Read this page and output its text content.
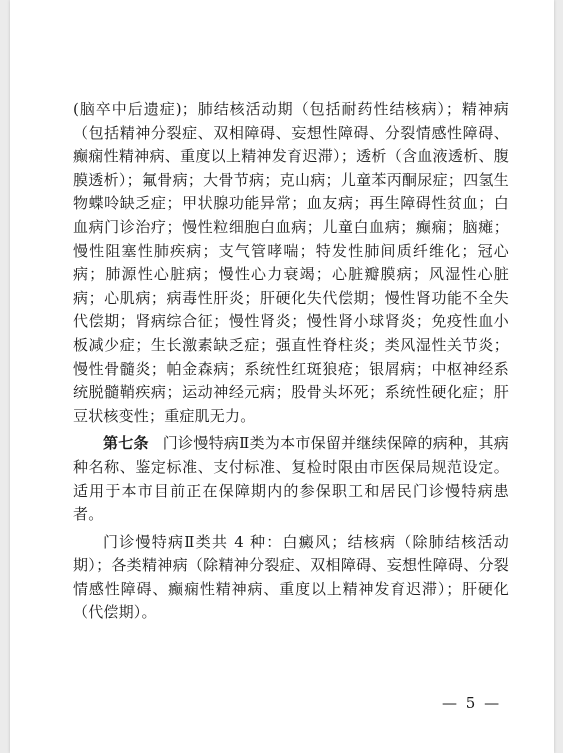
(脑卒中后遗症)；肺结核活动期（包括耐药性结核病）；精神病（包括精神分裂症、双相障碍、妄想性障碍、分裂情感性障碍、癫痫性精神病、重度以上精神发育迟滞）；透析（含血液透析、腹膜透析）；氟骨病；大骨节病；克山病；儿童苯丙酮尿症；四氢生物蝶呤缺乏症；甲状腺功能异常；血友病；再生障碍性贫血；白血病门诊治疗；慢性粒细胞白血病；儿童白血病；癫痫；脑瘫；慢性阻塞性肺疾病；支气管哮喘；特发性肺间质纤维化；冠心病；肺源性心脏病；慢性心力衰竭；心脏瓣膜病；风湿性心脏病；心肌病；病毒性肝炎；肝硬化失代偿期；慢性肾功能不全失代偿期；肾病综合征；慢性肾炎；慢性肾小球肾炎；免疫性血小板减少症；生长激素缺乏症；强直性脊柱炎；类风湿性关节炎；慢性骨髓炎；帕金森病；系统性红斑狼疮；银屑病；中枢神经系统脱髓鞘疾病；运动神经元病；股骨头坏死；系统性硬化症；肝豆状核变性；重症肌无力。

第七条 门诊慢特病Ⅱ类为本市保留并继续保障的病种，其病种名称、鉴定标准、支付标准、复检时限由市医保局规范设定。适用于本市目前正在保障期内的参保职工和居民门诊慢特病患者。

门诊慢特病Ⅱ类共 4 种：白癜风；结核病（除肺结核活动期）；各类精神病（除精神分裂症、双相障碍、妄想性障碍、分裂情感性障碍、癫痫性精神病、重度以上精神发育迟滞）；肝硬化（代偿期）。

— 5 —
